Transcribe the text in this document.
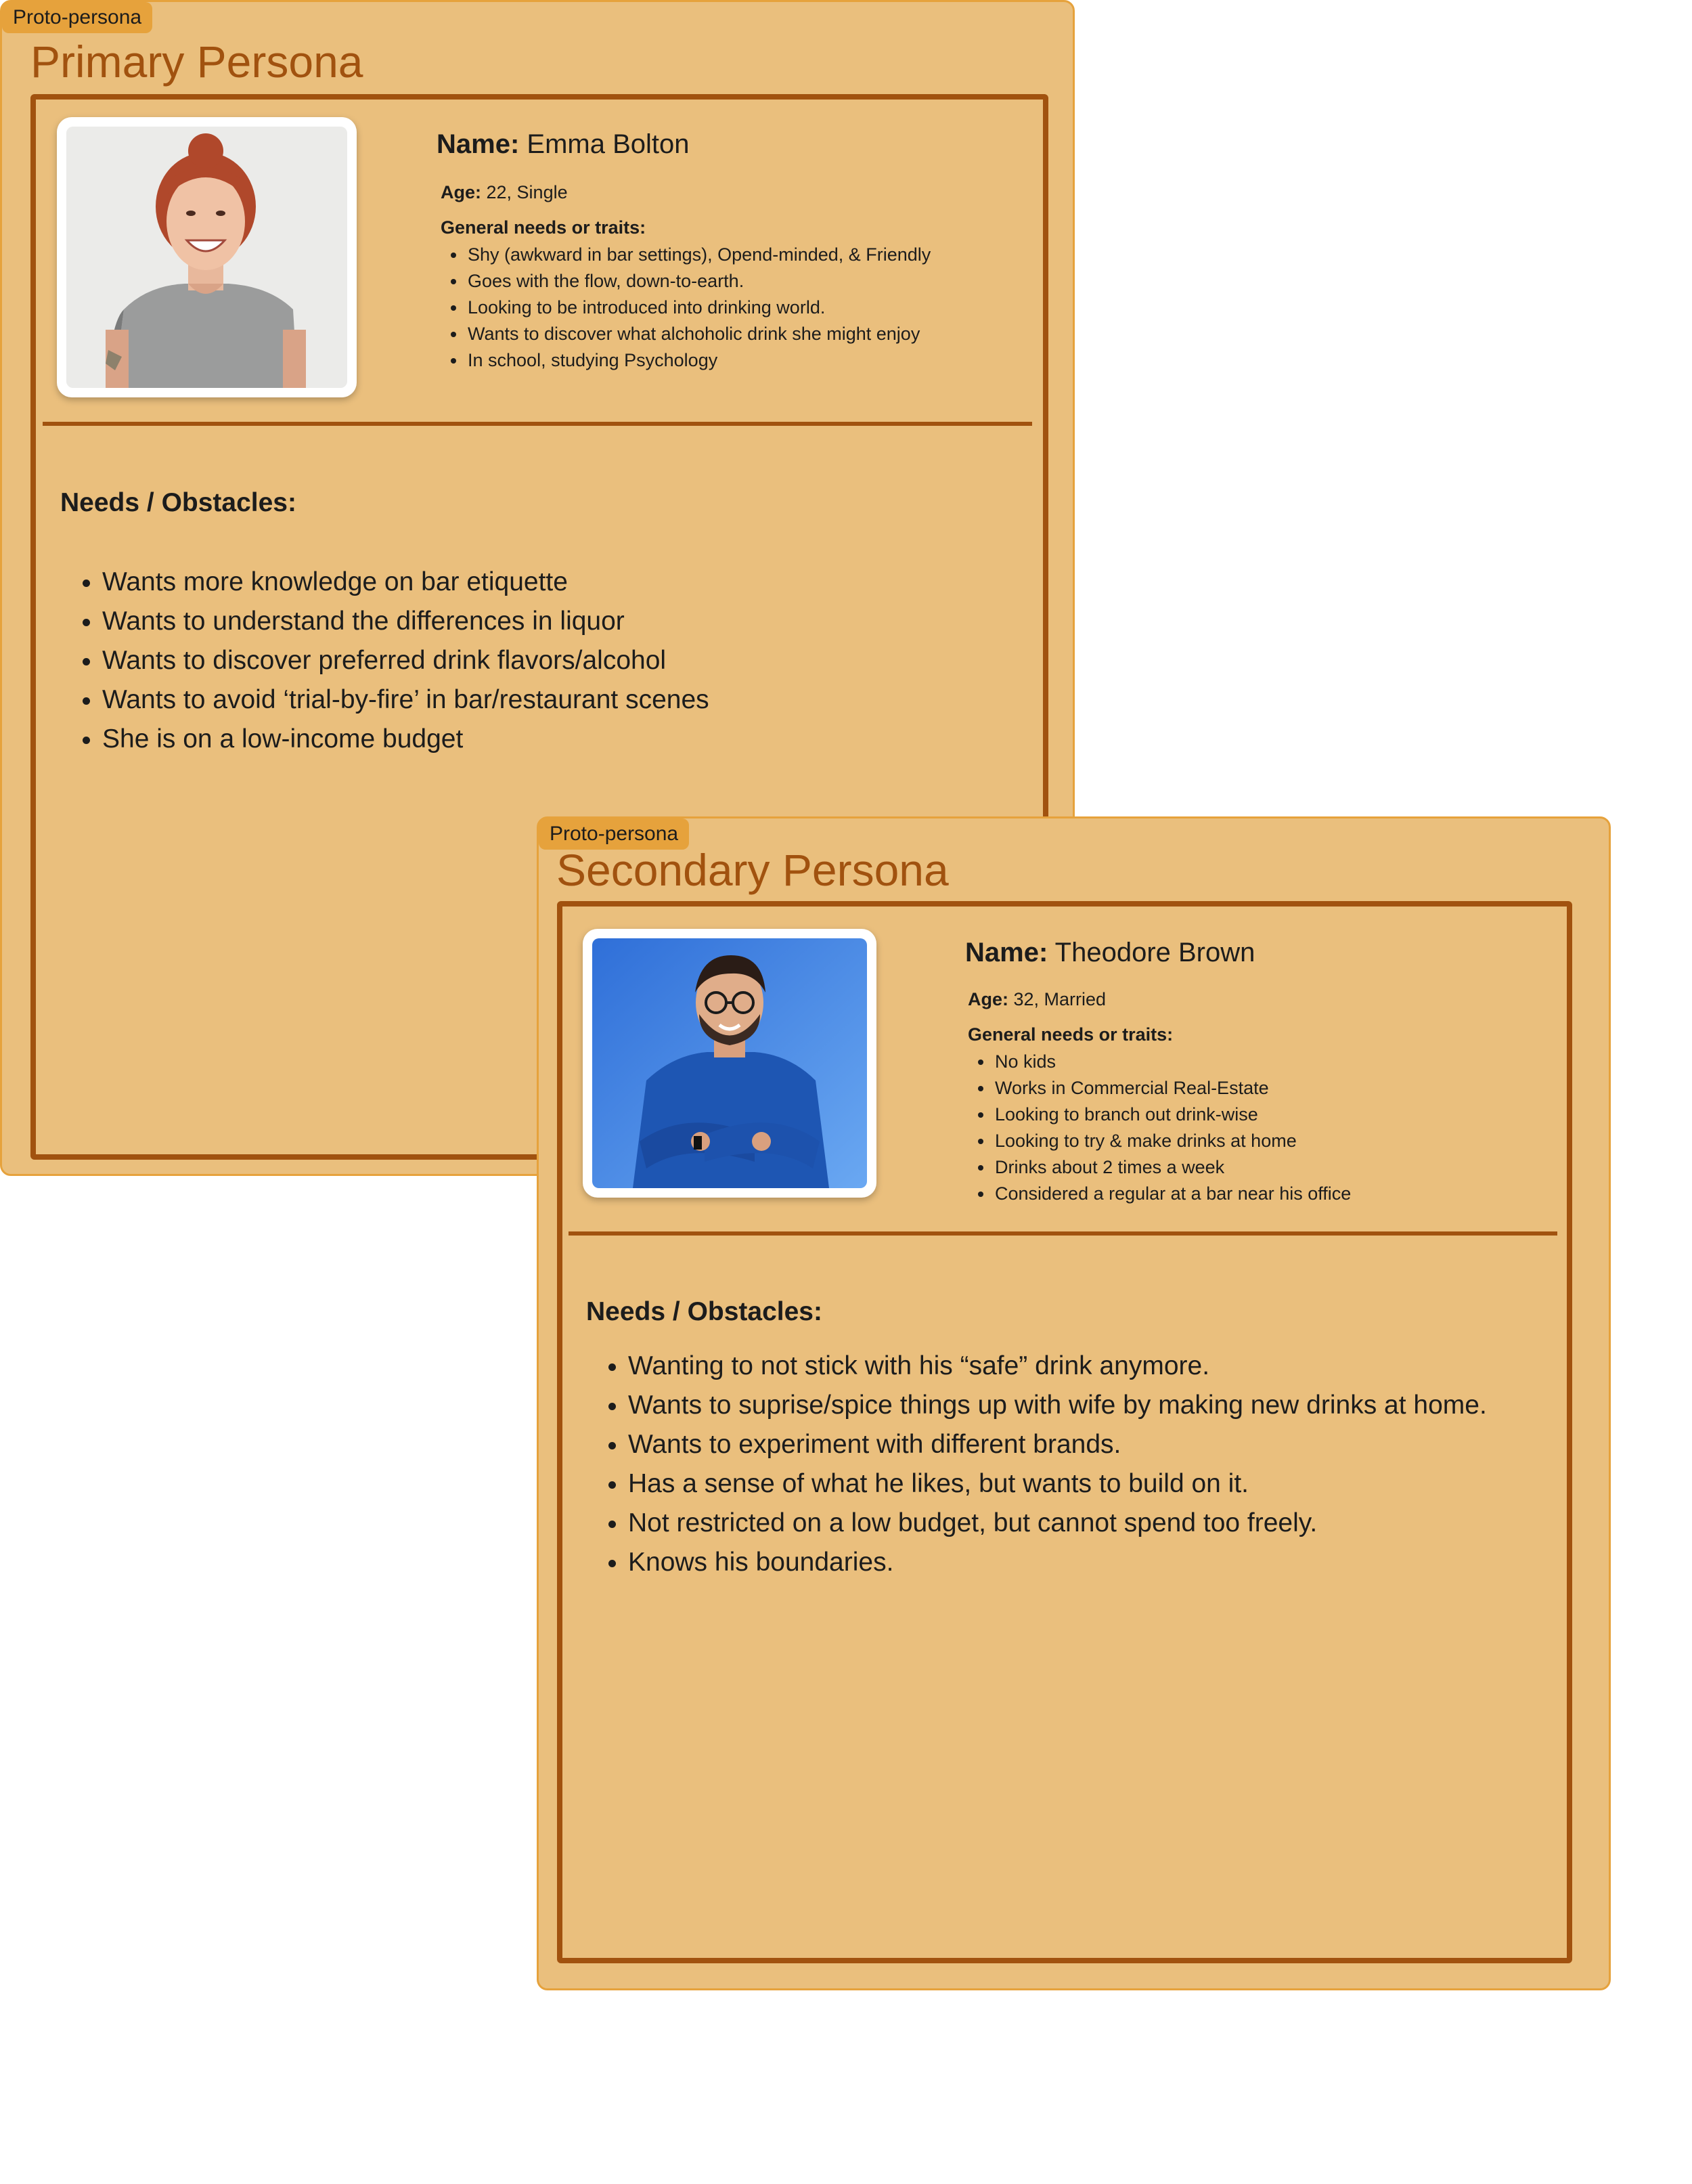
Proto-persona
Primary Persona

Name: Emma Bolton

Age: 22, Single

General needs or traits:

• Shy (awkward in bar settings), Opend-minded, & Friendly
• Goes with the flow, down-to-earth.
• Looking to be introduced into drinking world.
• Wants to discover what alchoholic drink she might enjoy
• In school, studying Psychology
Needs / Obstacles:
• Wants more knowledge on bar etiquette
• Wants to understand the differences in liquor
• Wants to discover preferred drink flavors/alcohol
• Wants to avoid ‘trial-by-fire’ in bar/restaurant scenes
• She is on a low-income budget
Proto-persona
Secondary Persona

Name: Theodore Brown

Age: 32, Married

General needs or traits:

• No kids
• Works in Commercial Real-Estate
• Looking to branch out drink-wise
• Looking to try & make drinks at home
• Drinks about 2 times a week
• Considered a regular at a bar near his office
Needs / Obstacles:
• Wanting to not stick with his “safe” drink anymore.
• Wants to suprise/spice things up with wife by making new drinks at home.
• Wants to experiment with different brands.
• Has a sense of what he likes, but wants to build on it.
• Not restricted on a low budget, but cannot spend too freely.
• Knows his boundaries.
